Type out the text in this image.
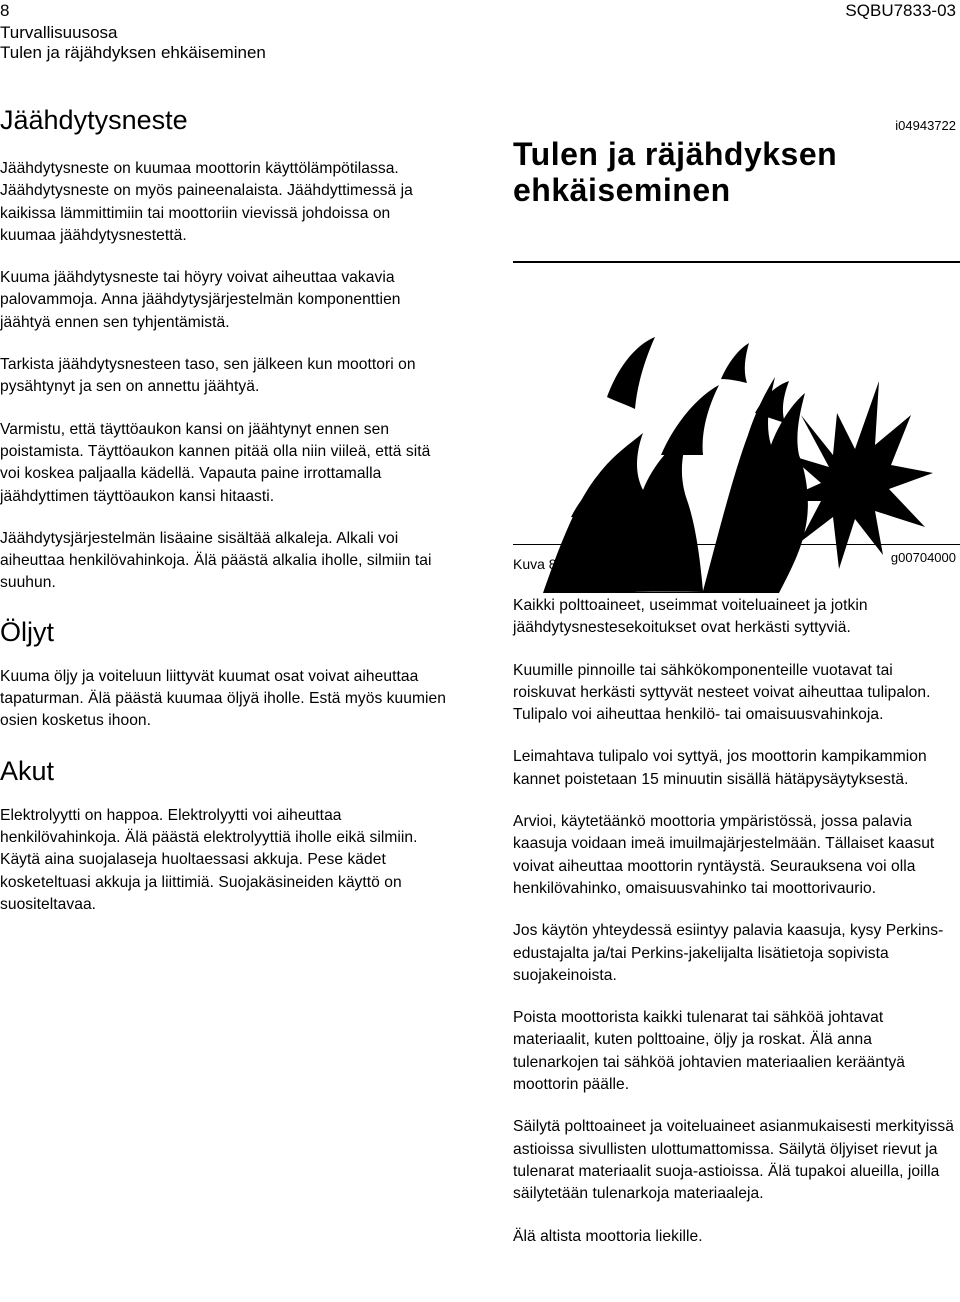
8
Turvallisuusosa
Tulen ja räjähdyksen ehkäiseminen
SQBU7833-03
Jäähdytysneste

Jäähdytysneste on kuumaa moottorin käyttölämpötilassa. Jäähdytysneste on myös paineenalaista. Jäähdyttimessä ja kaikissa lämmittimiin tai moottoriin vievissä johdoissa on kuumaa jäähdytysnestettä.

Kuuma jäähdytysneste tai höyry voivat aiheuttaa vakavia palovammoja. Anna jäähdytysjärjestelmän komponenttien jäähtyä ennen sen tyhjentämistä.

Tarkista jäähdytysnesteen taso, sen jälkeen kun moottori on pysähtynyt ja sen on annettu jäähtyä.

Varmistu, että täyttöaukon kansi on jäähtynyt ennen sen poistamista. Täyttöaukon kannen pitää olla niin viileä, että sitä voi koskea paljaalla kädellä. Vapauta paine irrottamalla jäähdyttimen täyttöaukon kansi hitaasti.

Jäähdytysjärjestelmän lisäaine sisältää alkaleja. Alkali voi aiheuttaa henkilövahinkoja. Älä päästä alkalia iholle, silmiin tai suuhun.

Öljyt

Kuuma öljy ja voiteluun liittyvät kuumat osat voivat aiheuttaa tapaturman. Älä päästä kuumaa öljyä iholle. Estä myös kuumien osien kosketus ihoon.

Akut

Elektrolyytti on happoa. Elektrolyytti voi aiheuttaa henkilövahinkoja. Älä päästä elektrolyyttiä iholle eikä silmiin. Käytä aina suojalaseja huoltaessasi akkuja. Pese kädet kosketeltuasi akkuja ja liittimiä. Suojakäsineiden käyttö on suositeltavaa.

i04943722
Tulen ja räjähdyksen ehkäiseminen
Kuva 8	g00704000

Kaikki polttoaineet, useimmat voiteluaineet ja jotkin jäähdytysnestesekoitukset ovat herkästi syttyviä.

Kuumille pinnoille tai sähkökomponenteille vuotavat tai roiskuvat herkästi syttyvät nesteet voivat aiheuttaa tulipalon. Tulipalo voi aiheuttaa henkilö- tai omaisuusvahinkoja.

Leimahtava tulipalo voi syttyä, jos moottorin kampikammion kannet poistetaan 15 minuutin sisällä hätäpysäytyksestä.

Arvioi, käytetäänkö moottoria ympäristössä, jossa palavia kaasuja voidaan imeä imuilmajärjestelmään. Tällaiset kaasut voivat aiheuttaa moottorin ryntäystä. Seurauksena voi olla henkilövahinko, omaisuusvahinko tai moottorivaurio.

Jos käytön yhteydessä esiintyy palavia kaasuja, kysy Perkins-edustajalta ja/tai Perkins-jakelijalta lisätietoja sopivista suojakeinoista.

Poista moottorista kaikki tulenarat tai sähköä johtavat materiaalit, kuten polttoaine, öljy ja roskat. Älä anna tulenarkojen tai sähköä johtavien materiaalien kerääntyä moottorin päälle.

Säilytä polttoaineet ja voiteluaineet asianmukaisesti merkityissä astioissa sivullisten ulottumattomissa. Säilytä öljyiset rievut ja tulenarat materiaalit suoja-astioissa. Älä tupakoi alueilla, joilla säilytetään tulenarkoja materiaaleja.

Älä altista moottoria liekille.
